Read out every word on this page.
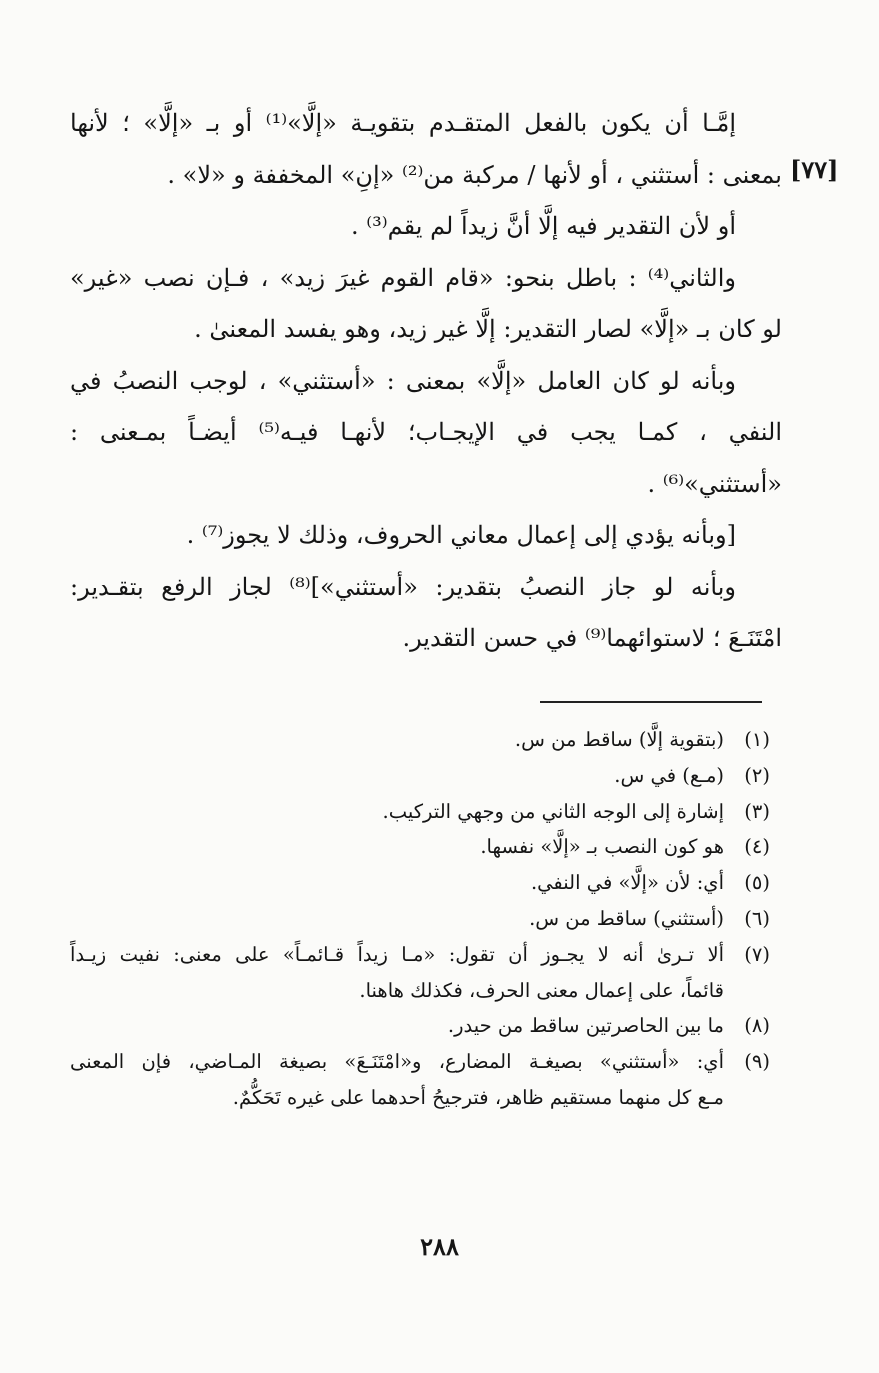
[٧٧]
إمَّـا أن يكون بالفعل المتقـدم بتقويـة «إلَّا»⁽¹⁾ أو بـ «إلَّا» ؛ لأنها
بمعنى : أستثني ، أو لأنها / مركبة من⁽²⁾ «إنِ» المخففة و «لا» .
أو لأن التقدير فيه إلَّا أنَّ زيداً لم يقم⁽³⁾ .
والثاني⁽⁴⁾ : باطل بنحو: «قام القوم غيرَ زيد» ، فـإن نصب «غير»
لو كان بـ «إلَّا» لصار التقدير: إلَّا غير زيد، وهو يفسد المعنىٰ .
وبأنه لو كان العامل «إلَّا» بمعنى : «أستثني» ، لوجب النصبُ في
النفي ، كمـا يجب في الإيجـاب؛ لأنهـا فيـه⁽⁵⁾ أيضـاً بمـعنى :
«أستثني»⁽⁶⁾ .
[وبأنه يؤدي إلى إعمال معاني الحروف، وذلك لا يجوز⁽⁷⁾ .
وبأنه لو جاز النصبُ بتقدير: «أستثني»]⁽⁸⁾ لجاز الرفع بتقـدير:
امْتَنَـعَ ؛ لاستوائهما⁽⁹⁾ في حسن التقدير.
(١)
(بتقوية إلَّا) ساقط من س.
(٢)
(مـع) في س.
(٣)
إشارة إلى الوجه الثاني من وجهي التركيب.
(٤)
هو كون النصب بـ «إلَّا» نفسها.
(٥)
أي: لأن «إلَّا» في النفي.
(٦)
(أستثني) ساقط من س.
(٧)
ألا تـرىٰ أنه لا يجـوز أن تقول: «مـا زيداً قـائمـاً» على معنى: نفيت زيـداً
قائماً، على إعمال معنى الحرف، فكذلك هاهنا.
(٨)
ما بين الحاصرتين ساقط من حيدر.
(٩)
أي: «أستثني» بصيغـة المضارع، و«امْتَنَـعَ» بصيغة المـاضي، فإن المعنى
مـع كل منهما مستقيم ظاهر، فترجيحُ أحدهما على غيره تَحَكُّمٌ.
٢٨٨
